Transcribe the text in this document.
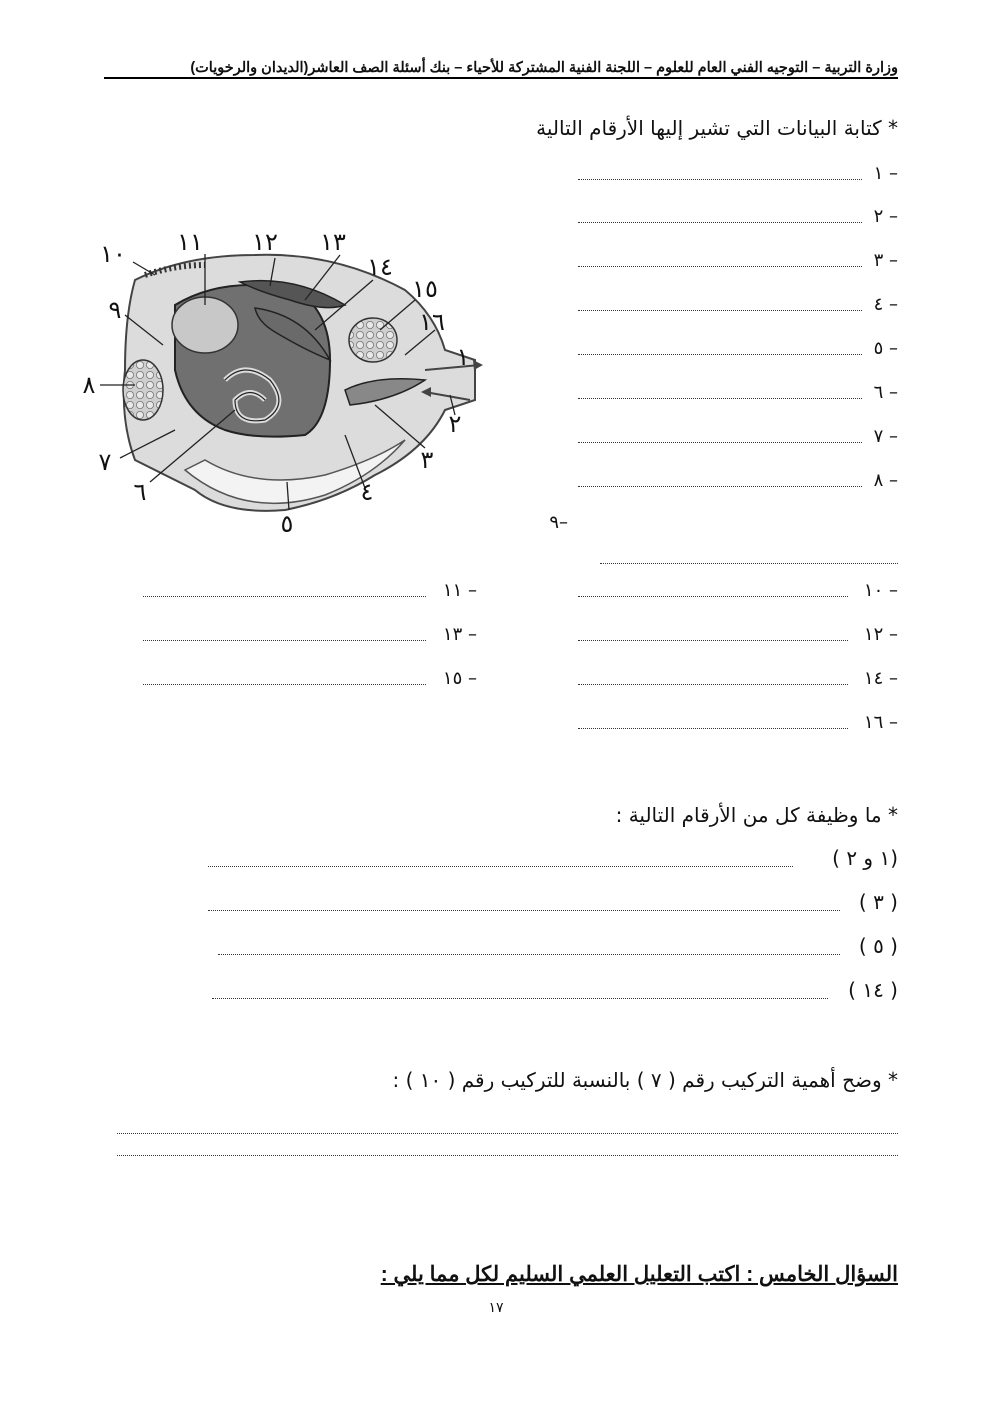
وزارة التربية – التوجيه الفني العام للعلوم – اللجنة الفنية المشتركة للأحياء – بنك أسئلة الصف العاشر(الديدان والرخويات)
* كتابة البيانات التي تشير إليها الأرقام التالية
١ –
٢ –
٣ –
٤ –
٥ –
٦ –
٧ –
٨ –
٩–
١٠ –
١١ –
١٢ –
١٣ –
١٤ –
١٥ –
١٦ –
١٠ ١١ ١٢ ١٣
١٤
١٥
١٦
٩
٨
٧
٦
٥
٤
٣
٢
١
* ما وظيفة كل من الأرقام التالية :
(١ و ٢ )
( ٣ )
( ٥ )
( ١٤ )
* وضح أهمية التركيب رقم ( ٧ ) بالنسبة للتركيب رقم ( ١٠ ) :
السؤال الخامس : اكتب التعليل العلمي السليم لكل مما يلي :
١٧
